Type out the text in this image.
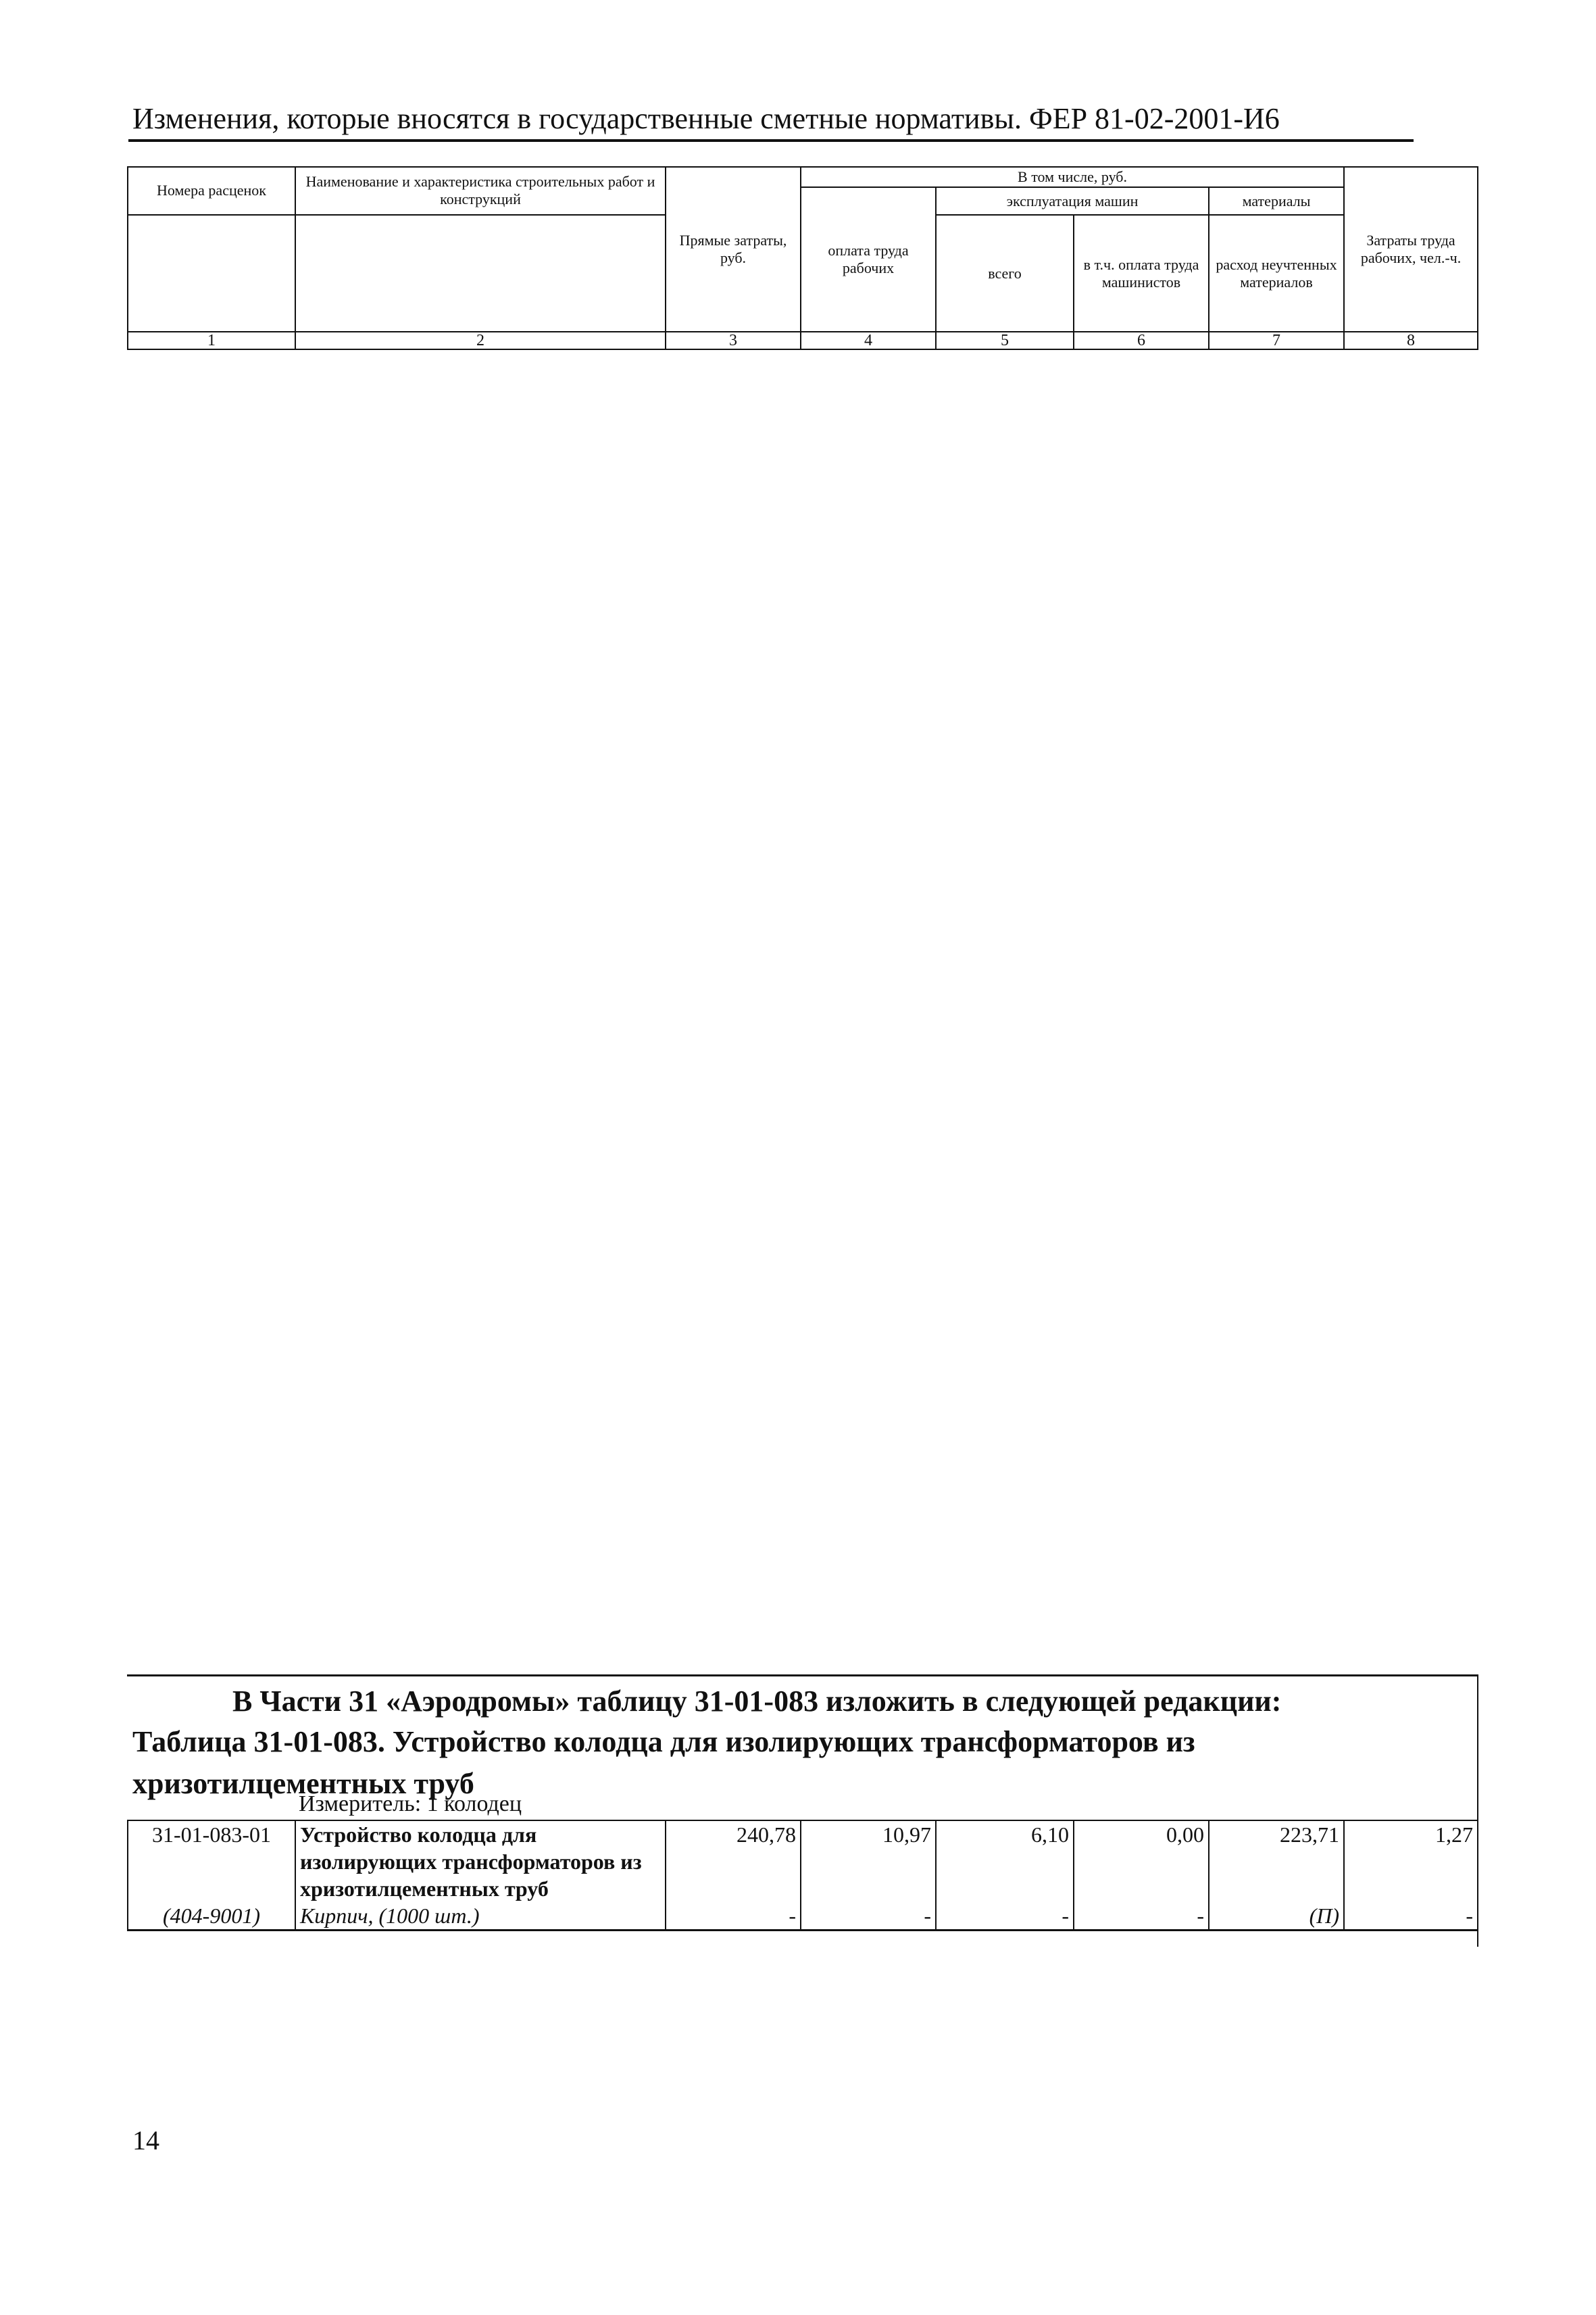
Изменения, которые вносятся в государственные сметные нормативы. ФЕР 81-02-2001-И6
Номера расценок	Наименование и характеристика строительных работ и конструкций	Прямые затраты, руб.	В том числе, руб.				Затраты труда рабочих, чел.-ч.
			оплата труда рабочих	эксплуатация машин		материалы	
				всего	в т.ч. оплата труда машинистов	расход неучтенных материалов	

1	2	3	4	5	6	7	8
В Части 31 «Аэродромы» таблицу 31-01-083 изложить в следующей редакции:
Таблица 31-01-083. Устройство колодца для изолирующих трансформаторов из хризотилцементных труб
Измеритель: 1 колодец
31-01-083-01	Устройство колодца для изолирующих трансформаторов из хризотилцементных труб	240,78	10,97	6,10	0,00	223,71	1,27
(404-9001)	Кирпич, (1000 шт.)	-	-	-	-	(П)	-
14
